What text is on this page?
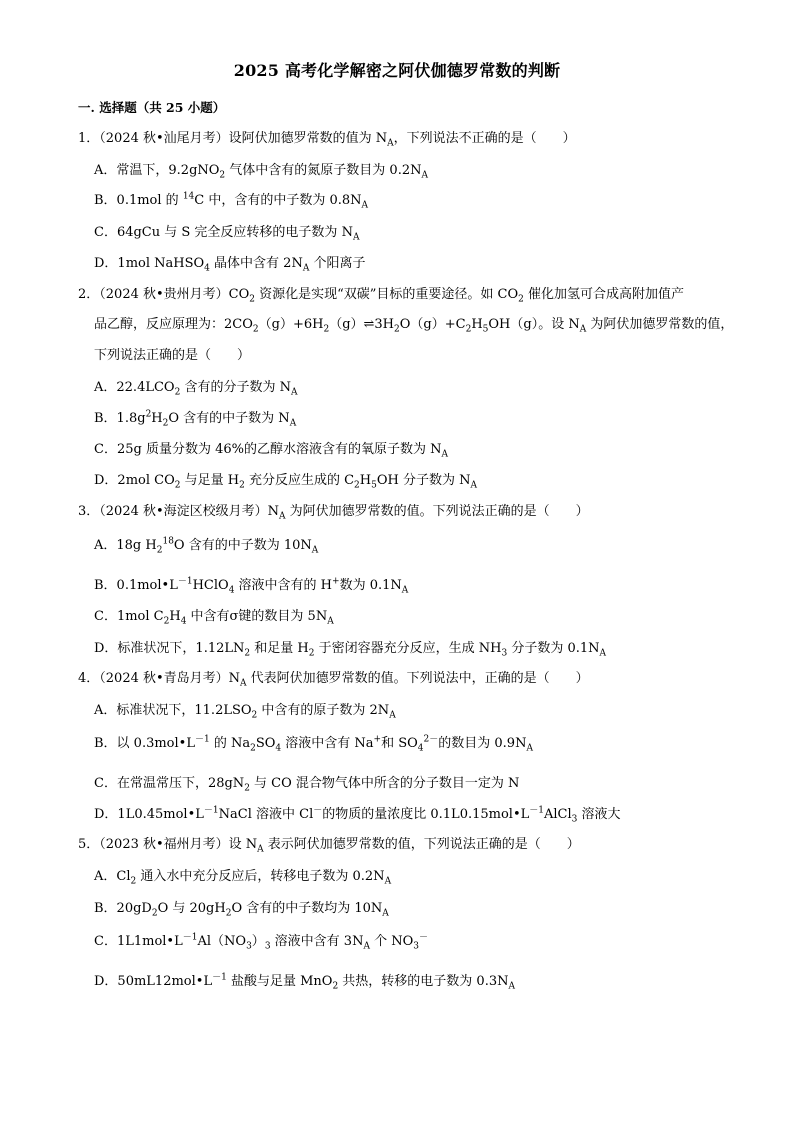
2025 高考化学解密之阿伏伽德罗常数的判断
一. 选择题（共 25 小题）
1．（2024 秋•汕尾月考）设阿伏加德罗常数的值为 $N_A$，下列说法不正确的是（　　）
A．常温下，9.2gNO$_2$ 气体中含有的氮原子数目为 $0.2N_A$
B．0.1mol 的 $^{14}$C 中，含有的中子数为 $0.8N_A$
C．64gCu 与 S 完全反应转移的电子数为 $N_A$
D．1mol NaHSO$_4$ 晶体中含有 $2N_A$ 个阳离子
2．（2024 秋•贵州月考）$CO_2$ 资源化是实现“双碳”目标的重要途径。如 $CO_2$ 催化加氢可合成高附加值产
品乙醇，反应原理为：$2CO_2(g)+6H_2(g)\rightleftharpoons 3H_2O(g)+C_2H_5OH(g)$。设 $N_A$ 为阿伏加德罗常数的值，
下列说法正确的是（　　）
A．$22.4LCO_2$ 含有的分子数为 $N_A$
B．$1.8g^2H_2O$ 含有的中子数为 $N_A$
C．25g 质量分数为 46%的乙醇水溶液含有的氧原子数为 $N_A$
D．2mol $CO_2$ 与足量 $H_2$ 充分反应生成的 $C_2H_5OH$ 分子数为 $N_A$
3．（2024 秋•海淀区校级月考）$N_A$ 为阿伏加德罗常数的值。下列说法正确的是（　　）
A．18g $H_2^{18}O$ 含有的中子数为 $10N_A$
B．$0.1mol•L^{-1}HClO_4$ 溶液中含有的 H+数为 $0.1N_A$
C．1mol $C_2H_4$ 中含有σ键的数目为 $5N_A$
D．标准状况下，$1.12LN_2$ 和足量 $H_2$ 于密闭容器充分反应，生成 $NH_3$ 分子数为 $0.1N_A$
4．（2024 秋•青岛月考）$N_A$ 代表阿伏加德罗常数的值。下列说法中，正确的是（　　）
A．标准状况下，$11.2LSO_2$ 中含有的原子数为 $2N_A$
B．以 $0.3mol•L^{-1}$ 的 $Na_2SO_4$ 溶液中含有 Na+和 $SO_4^{2-}$的数目为 $0.9N_A$
C．在常温常压下，$28gN_2$ 与 CO 混合物气体中所含的分子数目一定为 N
D．$1L0.45mol•L^{-1}NaCl$ 溶液中 Cl－的物质的量浓度比 $0.1L0.15mol•L^{-1}AlCl_3$ 溶液大
5．（2023 秋•福州月考）设 $N_A$ 表示阿伏加德罗常数的值，下列说法正确的是（　　）
A．$Cl_2$ 通入水中充分反应后，转移电子数为 $0.2N_A$
B．$20gD_2O$ 与 $20gH_2O$ 含有的中子数均为 $10N_A$
C．$1L1mol•L^{-1}Al(NO_3)_3$ 溶液中含有 $3N_A$ 个 $NO_3^-$
D．$50mL12mol•L^{-1}$ 盐酸与足量 MnO$_2$ 共热，转移的电子数为 $0.3N_A$
